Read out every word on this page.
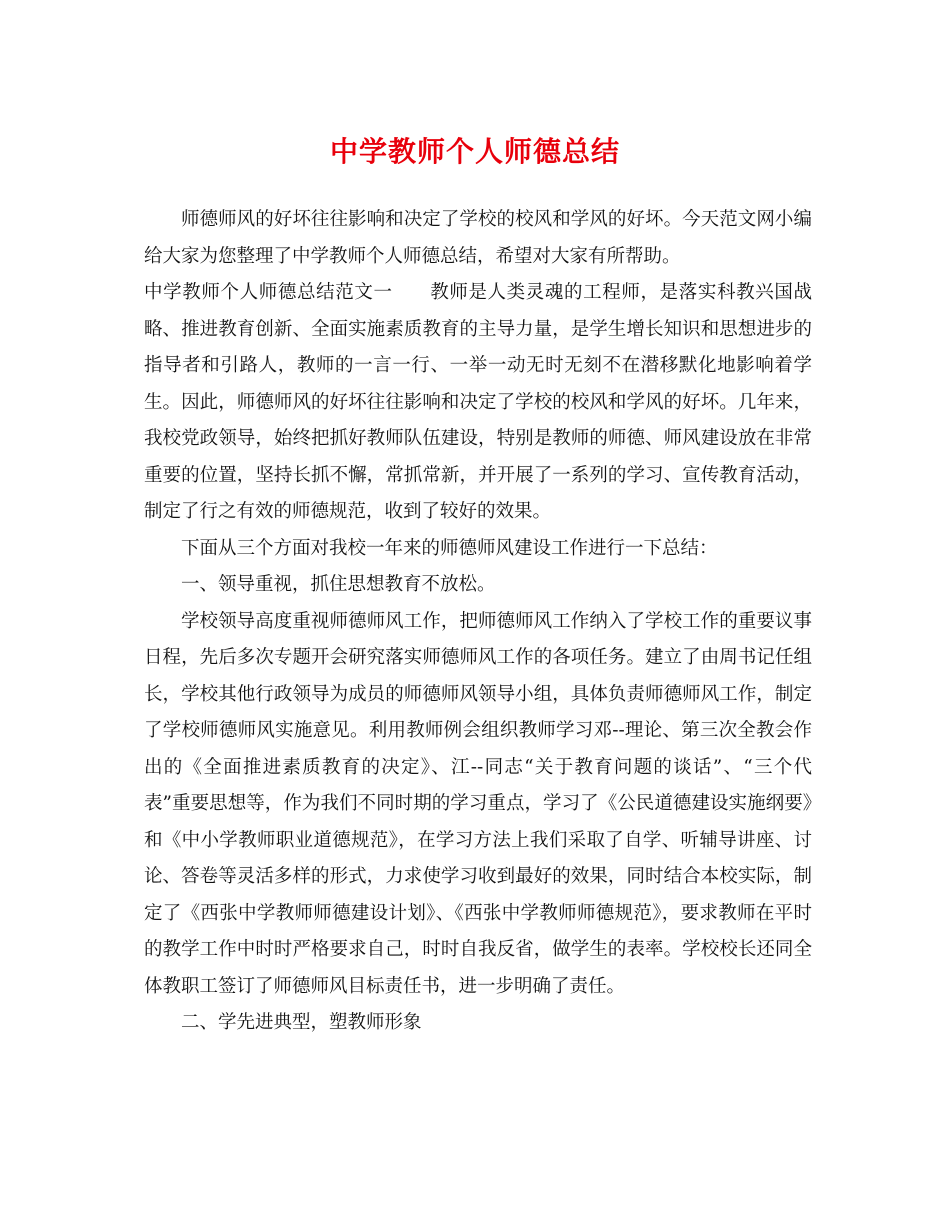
中学教师个人师德总结

师德师风的好坏往往影响和决定了学校的校风和学风的好坏。今天范文网小编给大家为您整理了中学教师个人师德总结，希望对大家有所帮助。

中学教师个人师德总结范文一 教师是人类灵魂的工程师，是落实科教兴国战略、推进教育创新、全面实施素质教育的主导力量，是学生增长知识和思想进步的指导者和引路人，教师的一言一行、一举一动无时无刻不在潜移默化地影响着学生。因此，师德师风的好坏往往影响和决定了学校的校风和学风的好坏。几年来，我校党政领导，始终把抓好教师队伍建设，特别是教师的师德、师风建设放在非常重要的位置，坚持长抓不懈，常抓常新，并开展了一系列的学习、宣传教育活动，制定了行之有效的师德规范，收到了较好的效果。

下面从三个方面对我校一年来的师德师风建设工作进行一下总结：

一、领导重视，抓住思想教育不放松。

学校领导高度重视师德师风工作，把师德师风工作纳入了学校工作的重要议事日程，先后多次专题开会研究落实师德师风工作的各项任务。建立了由周书记任组长，学校其他行政领导为成员的师德师风领导小组，具体负责师德师风工作，制定了学校师德师风实施意见。利用教师例会组织教师学习邓--理论、第三次全教会作出的《全面推进素质教育的决定》、江--同志“关于教育问题的谈话”、“三个代表”重要思想等，作为我们不同时期的学习重点，学习了《公民道德建设实施纲要》和《中小学教师职业道德规范》，在学习方法上我们采取了自学、听辅导讲座、讨论、答卷等灵活多样的形式，力求使学习收到最好的效果，同时结合本校实际，制定了《西张中学教师师德建设计划》、《西张中学教师师德规范》，要求教师在平时的教学工作中时时严格要求自己，时时自我反省，做学生的表率。学校校长还同全体教职工签订了师德师风目标责任书，进一步明确了责任。

二、学先进典型，塑教师形象
